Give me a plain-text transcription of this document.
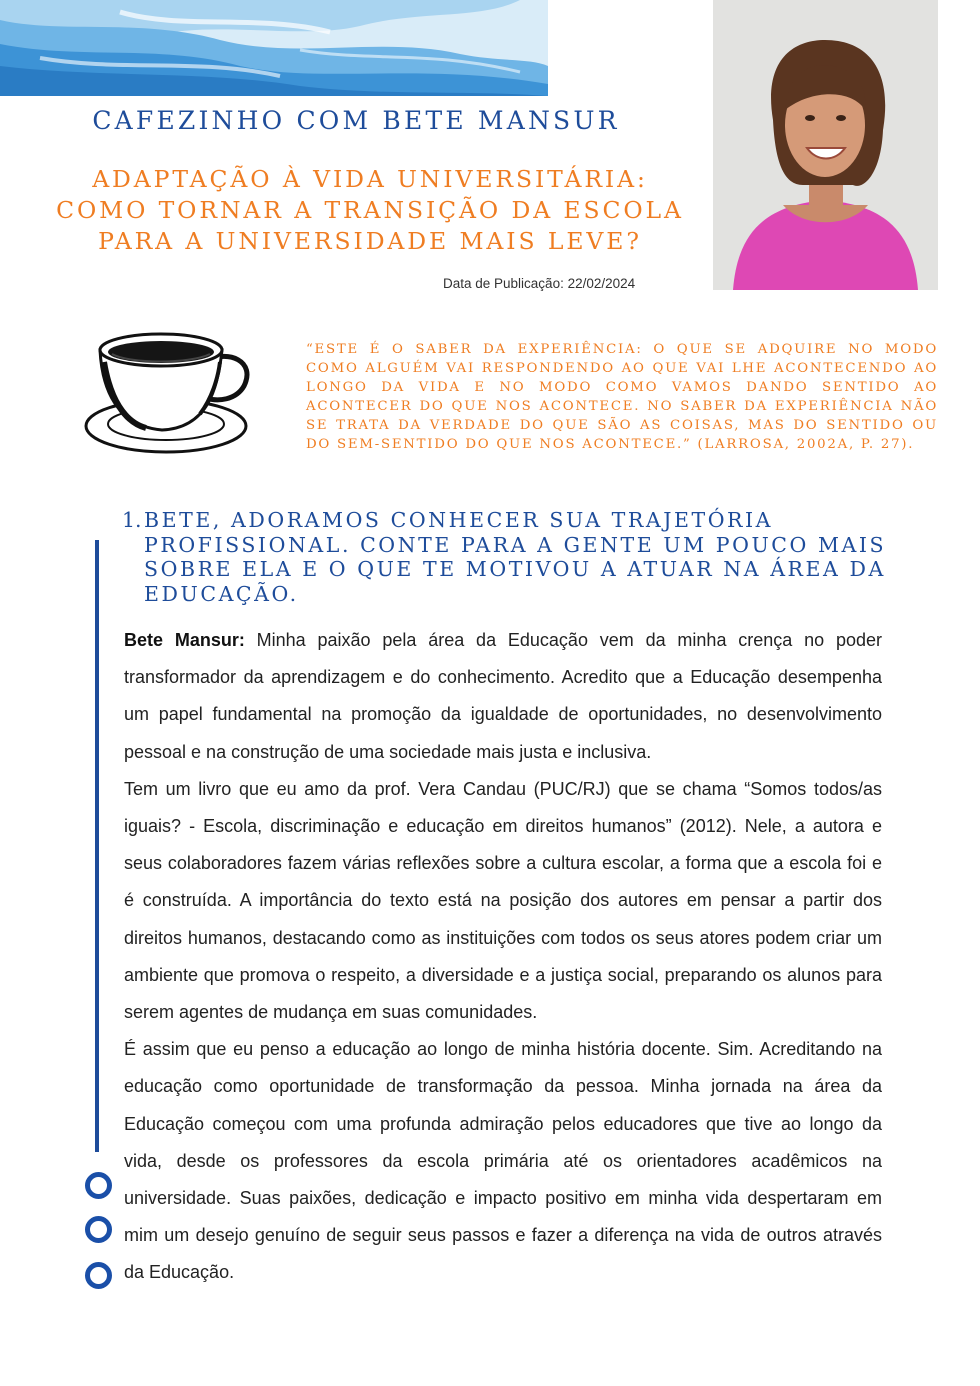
CAFEZINHO COM BETE MANSUR
ADAPTAÇÃO À VIDA UNIVERSITÁRIA:
COMO TORNAR A TRANSIÇÃO DA ESCOLA
PARA A UNIVERSIDADE MAIS LEVE?
Data de Publicação: 22/02/2024
“ESTE É O SABER DA EXPERIÊNCIA: O QUE SE ADQUIRE NO MODO COMO ALGUÉM VAI RESPONDENDO AO QUE VAI LHE ACONTECENDO AO LONGO DA VIDA E NO MODO COMO VAMOS DANDO SENTIDO AO ACONTECER DO QUE NOS ACONTECE. NO SABER DA EXPERIÊNCIA NÃO SE TRATA DA VERDADE DO QUE SÃO AS COISAS, MAS DO SENTIDO OU DO SEM-SENTIDO DO QUE NOS ACONTECE.” (LARROSA, 2002A, P. 27).
1. BETE, ADORAMOS CONHECER SUA TRAJETÓRIA PROFISSIONAL. CONTE PARA A GENTE UM POUCO MAIS SOBRE ELA E O QUE TE MOTIVOU A ATUAR NA ÁREA DA EDUCAÇÃO.

Bete Mansur: Minha paixão pela área da Educação vem da minha crença no poder transformador da aprendizagem e do conhecimento. Acredito que a Educação desempenha um papel fundamental na promoção da igualdade de oportunidades, no desenvolvimento pessoal e na construção de uma sociedade mais justa e inclusiva.

Tem um livro que eu amo da prof. Vera Candau (PUC/RJ) que se chama “Somos todos/as iguais? - Escola, discriminação e educação em direitos humanos” (2012). Nele, a autora e seus colaboradores fazem várias reflexões sobre a cultura escolar, a forma que a escola foi e é construída. A importância do texto está na posição dos autores em pensar a partir dos direitos humanos, destacando como as instituições com todos os seus atores podem criar um ambiente que promova o respeito, a diversidade e a justiça social, preparando os alunos para serem agentes de mudança em suas comunidades.

É assim que eu penso a educação ao longo de minha história docente. Sim. Acreditando na educação como oportunidade de transformação da pessoa. Minha jornada na área da Educação começou com uma profunda admiração pelos educadores que tive ao longo da vida, desde os professores da escola primária até os orientadores acadêmicos na universidade. Suas paixões, dedicação e impacto positivo em minha vida despertaram em mim um desejo genuíno de seguir seus passos e fazer a diferença na vida de outros através da Educação.
